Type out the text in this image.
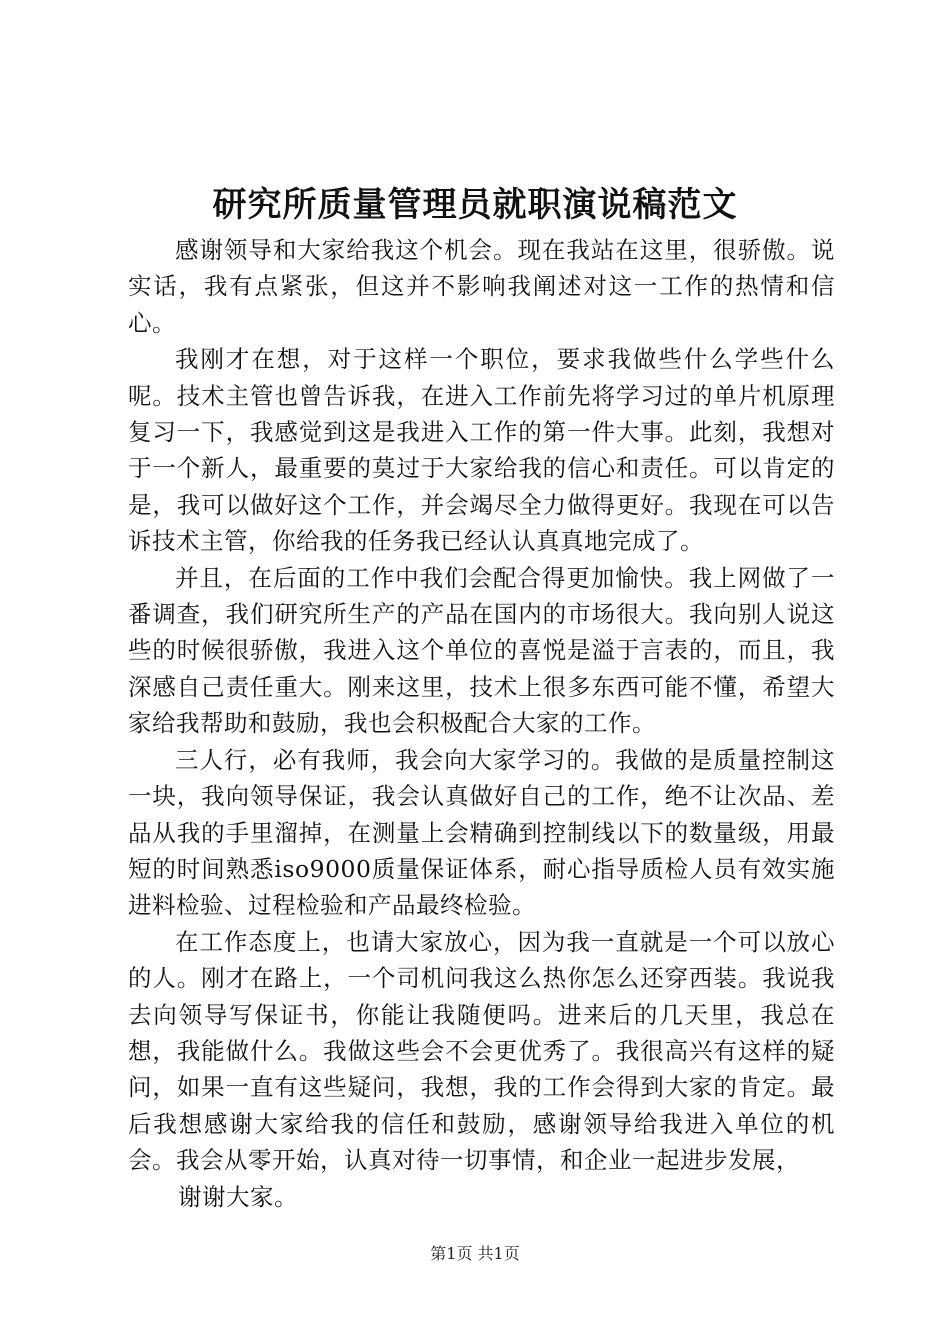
研究所质量管理员就职演说稿范文

感谢领导和大家给我这个机会。现在我站在这里，很骄傲。说实话，我有点紧张，但这并不影响我阐述对这一工作的热情和信心。

我刚才在想，对于这样一个职位，要求我做些什么学些什么呢。技术主管也曾告诉我，在进入工作前先将学习过的单片机原理复习一下，我感觉到这是我进入工作的第一件大事。此刻，我想对于一个新人，最重要的莫过于大家给我的信心和责任。可以肯定的是，我可以做好这个工作，并会竭尽全力做得更好。我现在可以告诉技术主管，你给我的任务我已经认认真真地完成了。

并且，在后面的工作中我们会配合得更加愉快。我上网做了一番调查，我们研究所生产的产品在国内的市场很大。我向别人说这些的时候很骄傲，我进入这个单位的喜悦是溢于言表的，而且，我深感自己责任重大。刚来这里，技术上很多东西可能不懂，希望大家给我帮助和鼓励，我也会积极配合大家的工作。

三人行，必有我师，我会向大家学习的。我做的是质量控制这一块，我向领导保证，我会认真做好自己的工作，绝不让次品、差品从我的手里溜掉，在测量上会精确到控制线以下的数量级，用最短的时间熟悉iso9000质量保证体系，耐心指导质检人员有效实施进料检验、过程检验和产品最终检验。

在工作态度上，也请大家放心，因为我一直就是一个可以放心的人。刚才在路上，一个司机问我这么热你怎么还穿西装。我说我去向领导写保证书，你能让我随便吗。进来后的几天里，我总在想，我能做什么。我做这些会不会更优秀了。我很高兴有这样的疑问，如果一直有这些疑问，我想，我的工作会得到大家的肯定。最后我想感谢大家给我的信任和鼓励，感谢领导给我进入单位的机会。我会从零开始，认真对待一切事情，和企业一起进步发展，

谢谢大家。

第1页 共1页
